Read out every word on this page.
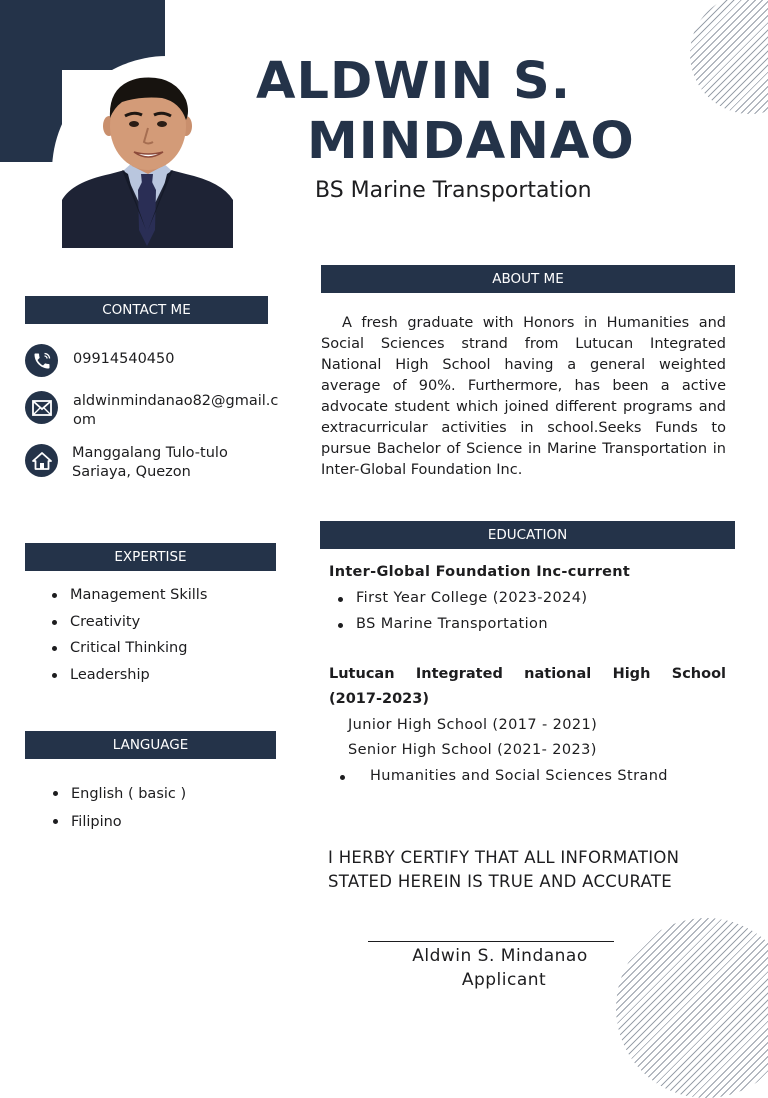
ALDWIN S.
MINDANAO
BS Marine Transportation
CONTACT ME
09914540450
aldwinmindanao82@gmail.com
Manggalang Tulo-tulo
Sariaya, Quezon
EXPERTISE
Management Skills
Creativity
Critical Thinking
Leadership
LANGUAGE
English ( basic )
Filipino
ABOUT ME
A fresh graduate with Honors in Humanities and Social Sciences strand from Lutucan Integrated National High School having a general weighted average of 90%. Furthermore, has been a active advocate student which joined different programs and extracurricular activities in school.Seeks Funds to pursue Bachelor of Science in Marine Transportation in Inter-Global Foundation Inc.
EDUCATION
Inter-Global Foundation Inc-current
First Year College (2023-2024)
BS Marine Transportation
Lutucan Integrated national High School (2017-2023)
Junior High School (2017 - 2021)
Senior High School (2021- 2023)
Humanities and Social Sciences Strand
I HERBY CERTIFY THAT ALL INFORMATION
STATED HEREIN IS TRUE AND ACCURATE
Aldwin S. Mindanao
Applicant
